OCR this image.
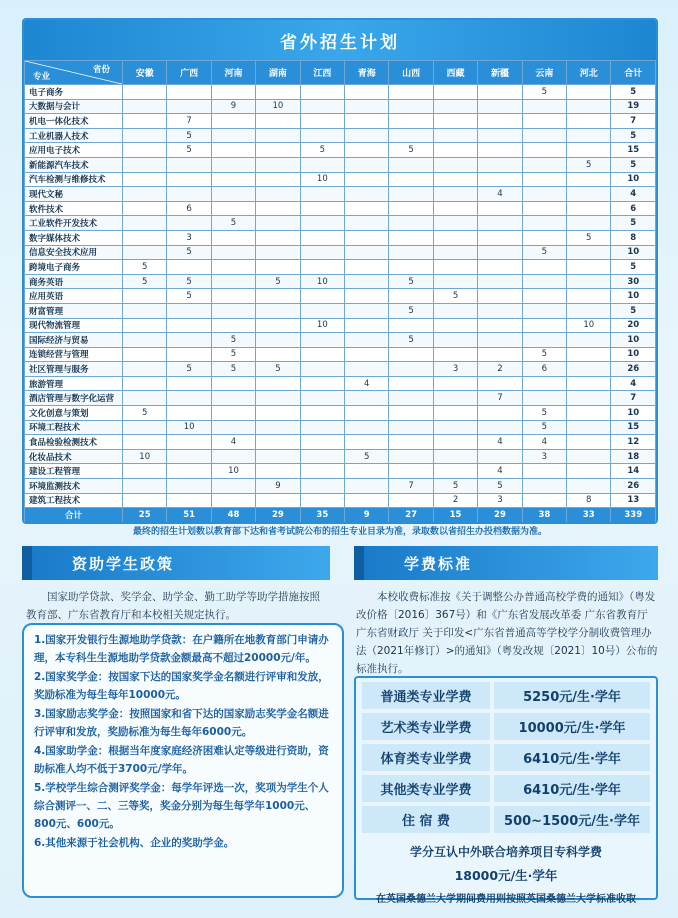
省外招生计划
省份
专业	安徽	广西	河南	湖南	江西	青海	山西	西藏	新疆	云南	河北	合计
电子商务										5		5
大数据与会计			9	10								19
机电一体化技术		7										7
工业机器人技术		5										5
应用电子技术		5			5		5					15
新能源汽车技术											5	5
汽车检测与维修技术					10							10
现代文秘									4			4
软件技术		6										6
工业软件开发技术			5									5
数字媒体技术		3									5	8
信息安全技术应用		5								5		10
跨境电子商务	5											5
商务英语	5	5		5	10		5					30
应用英语		5						5				10
财富管理							5					5
现代物流管理					10						10	20
国际经济与贸易			5				5					10
连锁经营与管理			5							5		10
社区管理与服务		5	5	5				3	2	6		26
旅游管理						4						4
酒店管理与数字化运营									7			7
文化创意与策划	5									5		10
环境工程技术		10								5		15
食品检验检测技术			4						4	4		12
化妆品技术	10					5				3		18
建设工程管理			10						4			14
环境监测技术				9			7	5	5			26
建筑工程技术								2	3		8	13
合计	25	51	48	29	35	9	27	15	29	38	33	339
最终的招生计划数以教育部下达和省考试院公布的招生专业目录为准，录取数以省招生办投档数据为准。
资助学生政策	学费标准
国家助学贷款、奖学金、助学金、勤工助学等助学措施按照教育部、广东省教育厅和本校相关规定执行。
本校收费标准按《关于调整公办普通高校学费的通知》（粤发改价格〔2016〕367号）和《广东省发展改革委 广东省教育厅 广东省财政厅 关于印发<广东省普通高等学校学分制收费管理办法（2021年修订）>的通知》（粤发改规〔2021〕10号）公布的标准执行。
1.国家开发银行生源地助学贷款：在户籍所在地教育部门申请办理，本专科生生源地助学贷款金额最高不超过20000元/年。
2.国家奖学金：按国家下达的国家奖学金名额进行评审和发放，奖励标准为每生每年10000元。
3.国家励志奖学金：按照国家和省下达的国家励志奖学金名额进行评审和发放，奖励标准为每生每年6000元。
4.国家助学金：根据当年度家庭经济困难认定等级进行资助，资助标准人均不低于3700元/学年。
5.学校学生综合测评奖学金：每学年评选一次，奖项为学生个人综合测评一、二、三等奖，奖金分别为每生每学年1000元、800元、600元。
6.其他来源于社会机构、企业的奖助学金。
普通类专业学费	5250元/生·学年
艺术类专业学费	10000元/生·学年
体育类专业学费	6410元/生·学年
其他类专业学费	6410元/生·学年
住 宿 费	500~1500元/生·学年
学分互认中外联合培养项目专科学费
18000元/生·学年
在英国桑德兰大学期间费用则按照英国桑德兰大学标准收取
